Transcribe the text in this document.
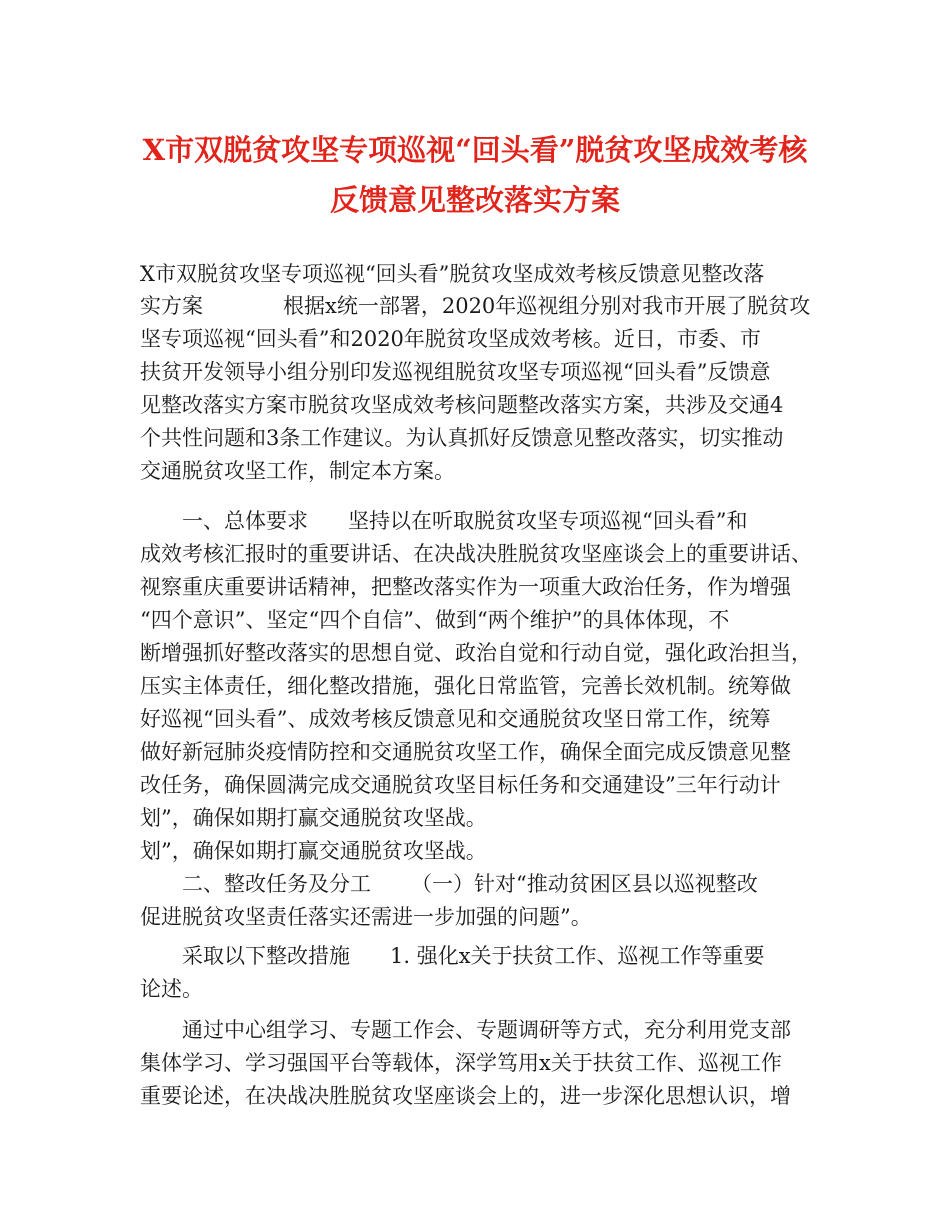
X市双脱贫攻坚专项巡视“回头看”脱贫攻坚成效考核
反馈意见整改落实方案

X市双脱贫攻坚专项巡视“回头看”脱贫攻坚成效考核反馈意见整改落

实方案	根据x统一部署，2020年巡视组分别对我市开展了脱贫攻

坚专项巡视“回头看”和2020年脱贫攻坚成效考核。近日，市委、市

扶贫开发领导小组分别印发巡视组脱贫攻坚专项巡视“回头看”反馈意

见整改落实方案市脱贫攻坚成效考核问题整改落实方案，共涉及交通4

个共性问题和3条工作建议。为认真抓好反馈意见整改落实，切实推动

交通脱贫攻坚工作，制定本方案。

一、总体要求 坚持以在听取脱贫攻坚专项巡视“回头看”和

成效考核汇报时的重要讲话、在决战决胜脱贫攻坚座谈会上的重要讲话、

视察重庆重要讲话精神，把整改落实作为一项重大政治任务，作为增强

“四个意识”、坚定“四个自信”、做到“两个维护”的具体体现，不

断增强抓好整改落实的思想自觉、政治自觉和行动自觉，强化政治担当，

压实主体责任，细化整改措施，强化日常监管，完善长效机制。统筹做

好巡视“回头看”、成效考核反馈意见和交通脱贫攻坚日常工作，统筹

做好新冠肺炎疫情防控和交通脱贫攻坚工作，确保全面完成反馈意见整

改任务，确保圆满完成交通脱贫攻坚目标任务和交通建设”三年行动计

划”，确保如期打赢交通脱贫攻坚战。

划”，确保如期打赢交通脱贫攻坚战。

二、整改任务及分工 （一）针对“推动贫困区县以巡视整改

促进脱贫攻坚责任落实还需进一步加强的问题”。

采取以下整改措施 1. 强化x关于扶贫工作、巡视工作等重要

论述。

通过中心组学习、专题工作会、专题调研等方式，充分利用党支部

集体学习、学习强国平台等载体，深学笃用x关于扶贫工作、巡视工作

重要论述，在决战决胜脱贫攻坚座谈会上的，进一步深化思想认识，增
